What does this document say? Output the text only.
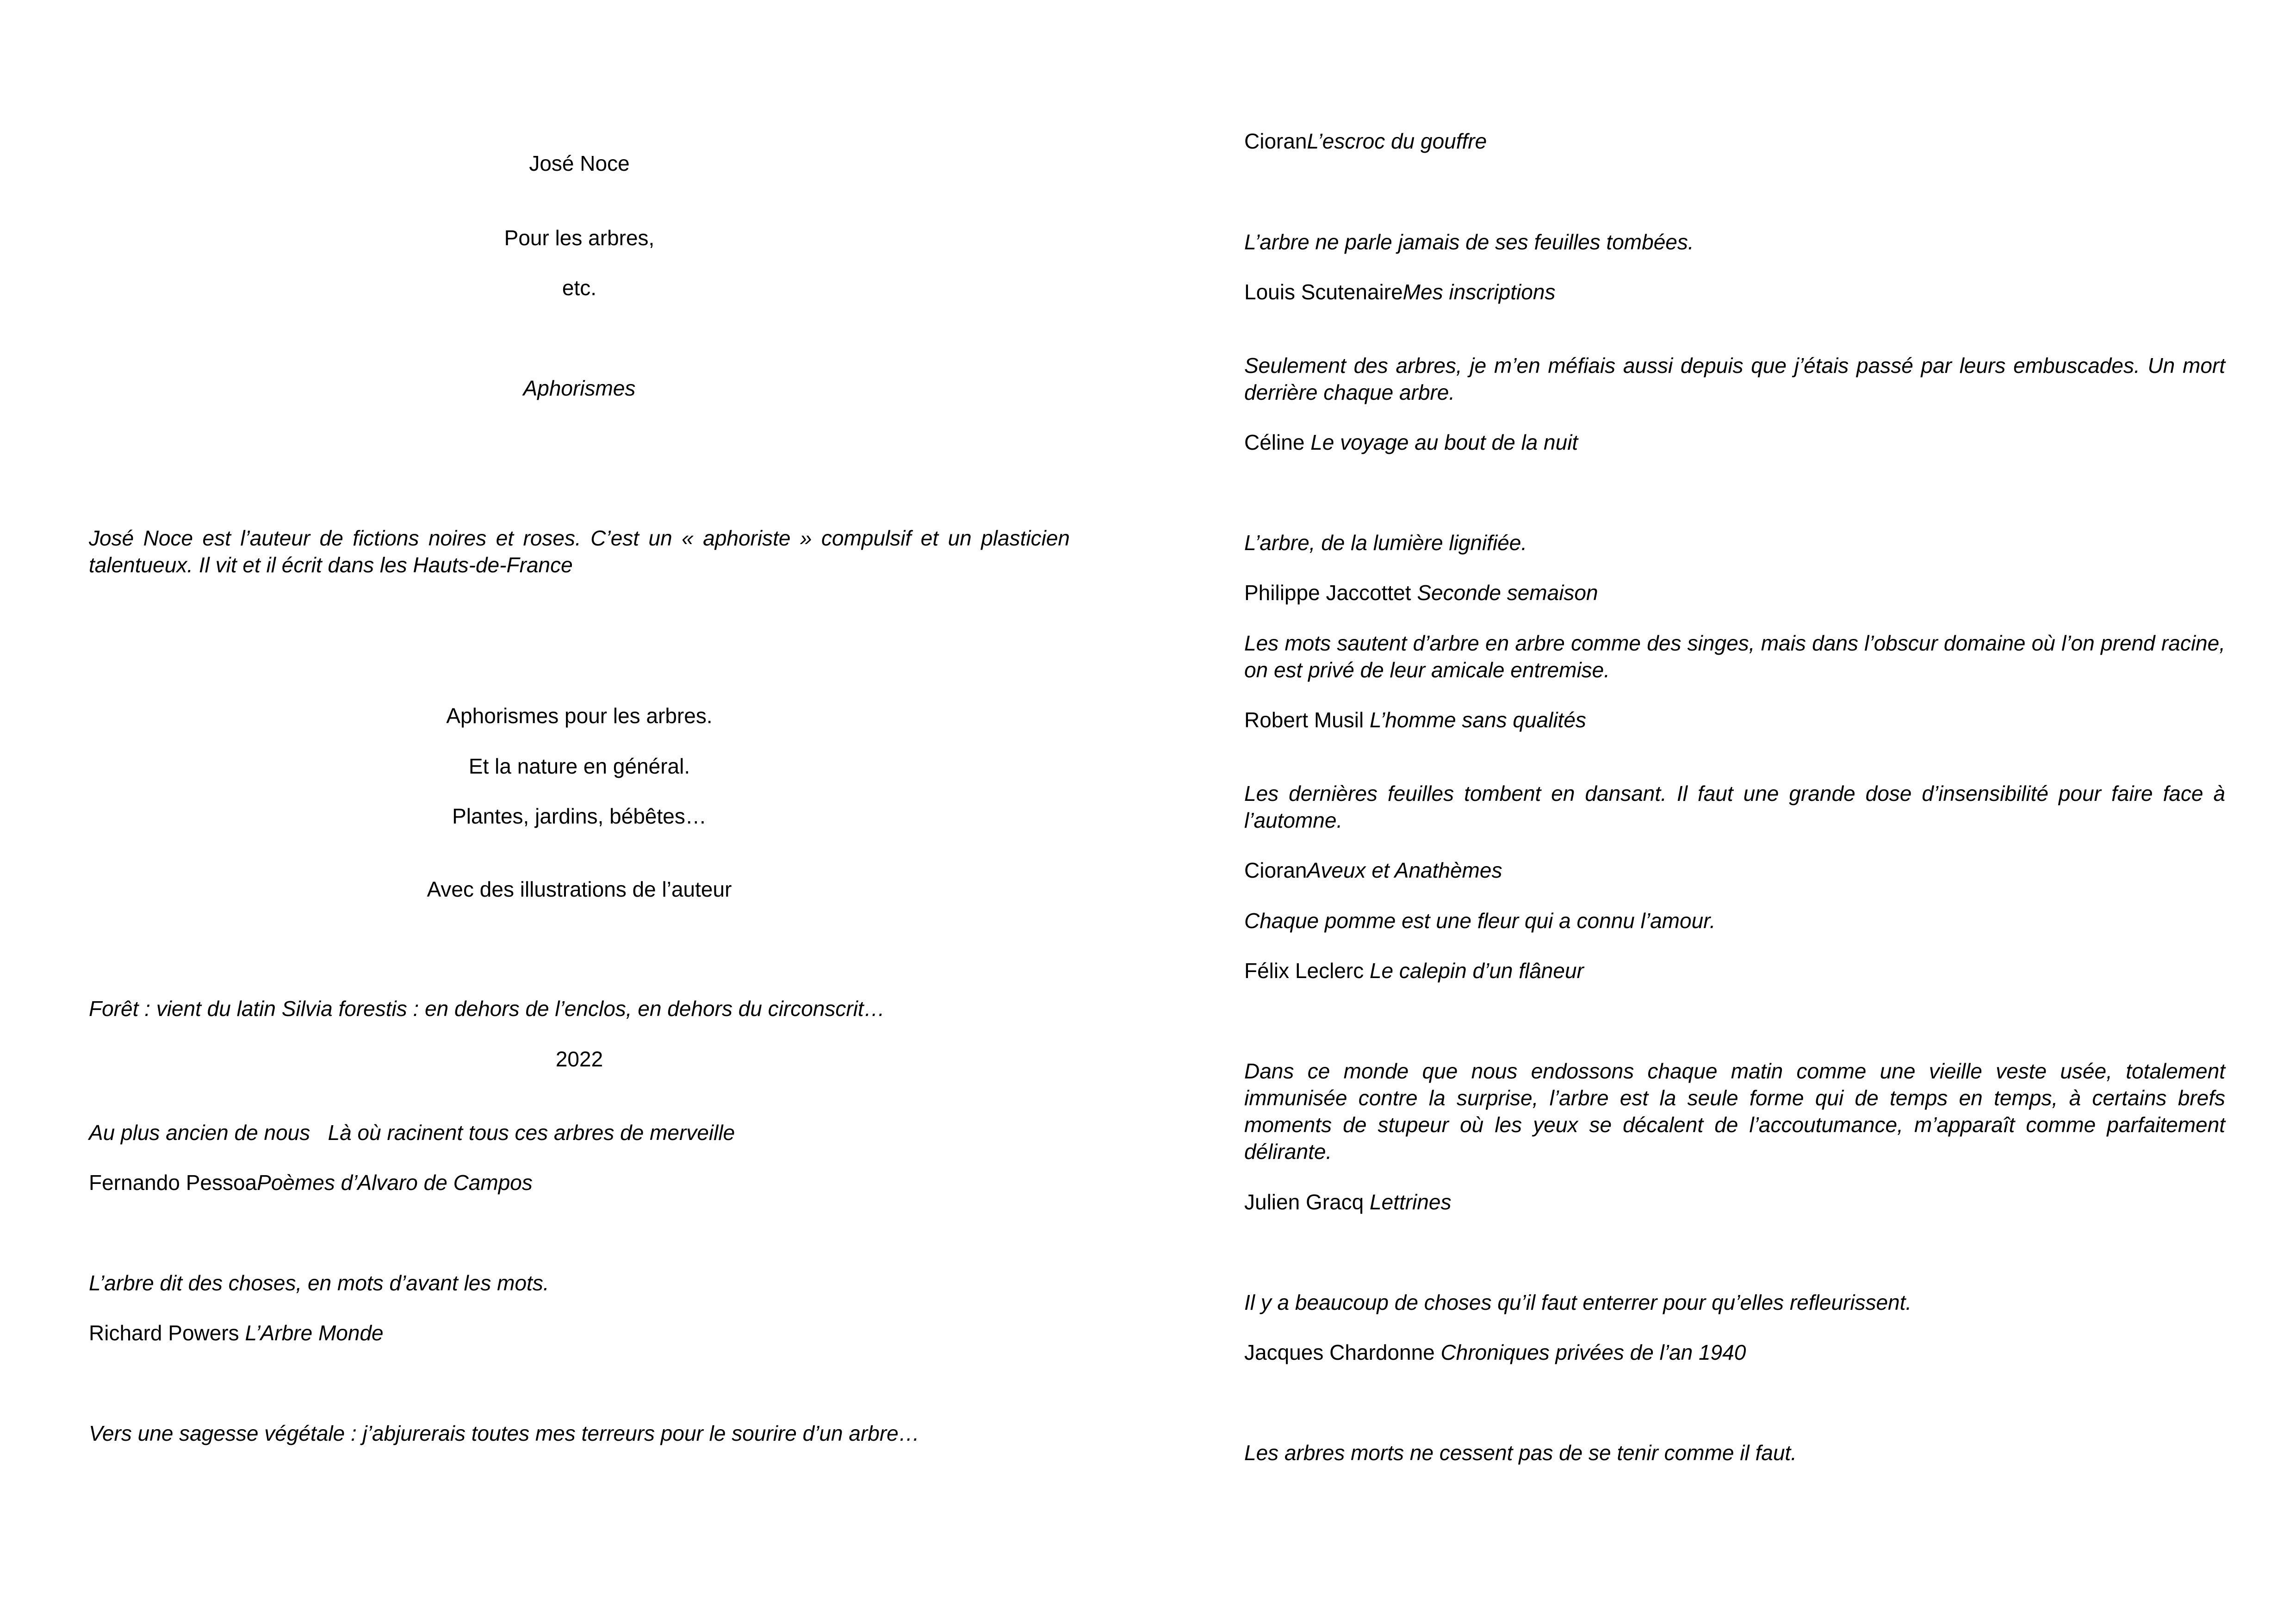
José Noce

Pour les arbres,

etc.

Aphorismes

José Noce est l’auteur de fictions noires et roses. C’est un « aphoriste » compulsif et un plasticien talentueux. Il vit et il écrit dans les Hauts-de-France

Aphorismes pour les arbres.

Et la nature en général.

Plantes, jardins, bébêtes…

Avec des illustrations de l’auteur

Forêt : vient du latin Silvia forestis : en dehors de l’enclos, en dehors du circonscrit…

2022

Au plus ancien de nous   Là où racinent tous ces arbres de merveille

Fernando PessoaPoèmes d’Alvaro de Campos

L’arbre dit des choses, en mots d’avant les mots.

Richard Powers L’Arbre Monde

Vers une sagesse végétale : j’abjurerais toutes mes terreurs pour le sourire d’un arbre…

CioranL’escroc du gouffre

L’arbre ne parle jamais de ses feuilles tombées.

Louis ScutenaireMes inscriptions

Seulement des arbres, je m’en méfiais aussi depuis que j’étais passé par leurs embuscades. Un mort derrière chaque arbre.

Céline Le voyage au bout de la nuit

L’arbre, de la lumière lignifiée.

Philippe Jaccottet Seconde semaison

Les mots sautent d’arbre en arbre comme des singes, mais dans l’obscur domaine où l’on prend racine, on est privé de leur amicale entremise.

Robert Musil L’homme sans qualités

Les dernières feuilles tombent en dansant. Il faut une grande dose d’insensibilité pour faire face à l’automne.

CioranAveux et Anathèmes

Chaque pomme est une fleur qui a connu l’amour.

Félix Leclerc Le calepin d’un flâneur

Dans ce monde que nous endossons chaque matin comme une vieille veste usée, totalement immunisée contre la surprise, l’arbre est la seule forme qui de temps en temps, à certains brefs moments de stupeur où les yeux se décalent de l’accoutumance, m’apparaît comme parfaitement délirante.

Julien Gracq Lettrines

Il y a beaucoup de choses qu’il faut enterrer pour qu’elles refleurissent.

Jacques Chardonne Chroniques privées de l’an 1940

Les arbres morts ne cessent pas de se tenir comme il faut.
